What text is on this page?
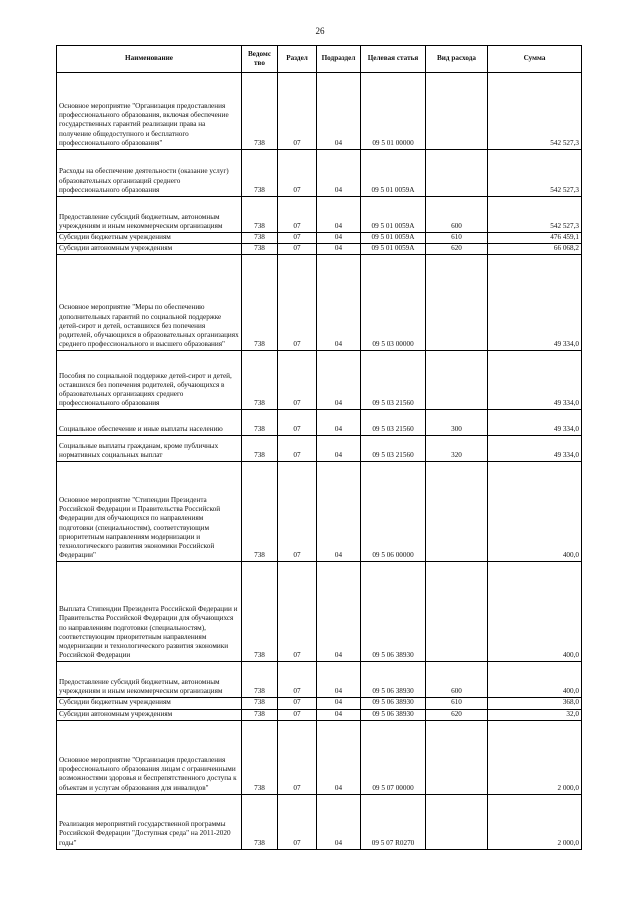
26
Наименование	Ведомс тво	Раздел	Подраздел	Целевая статья	Вид расхода	Сумма
Основное мероприятие "Организация предоставления профессионального образования, включая обеспечение государственных гарантий реализации права на получение общедоступного и бесплатного профессионального образования"	738	07	04	09 5 01 00000		542 527,3
Расходы на обеспечение деятельности (оказание услуг) образовательных организаций среднего профессионального образования	738	07	04	09 5 01 0059А		542 527,3
Предоставление субсидий бюджетным, автономным учреждениям и иным некоммерческим организациям	738	07	04	09 5 01 0059А	600	542 527,3
Субсидии бюджетным учреждениям	738	07	04	09 5 01 0059А	610	476 459,1
Субсидии автономным учреждениям	738	07	04	09 5 01 0059А	620	66 068,2
Основное мероприятие "Меры по обеспечению дополнительных гарантий по социальной поддержке детей-сирот и детей, оставшихся без попечения родителей, обучающихся в образовательных организациях среднего профессионального и высшего образования"	738	07	04	09 5 03 00000		49 334,0
Пособия по социальной поддержке детей-сирот и детей, оставшихся без попечения родителей, обучающихся в образовательных организациях среднего профессионального образования	738	07	04	09 5 03 21560		49 334,0
Социальное обеспечение и иные выплаты населению	738	07	04	09 5 03 21560	300	49 334,0
Социальные выплаты гражданам, кроме публичных нормативных социальных выплат	738	07	04	09 5 03 21560	320	49 334,0
Основное мероприятие "Стипендии Президента Российской Федерации и Правительства Российской Федерации для обучающихся по направлениям подготовки (специальностям), соответствующим приоритетным направлениям модернизации и технологического развития экономики Российской Федерации"	738	07	04	09 5 06 00000		400,0
Выплата Стипендии Президента Российской Федерации и Правительства Российской Федерации для обучающихся по направлениям подготовки (специальностям), соответствующим приоритетным направлениям модернизации и технологического развития экономики Российской Федерации	738	07	04	09 5 06 38930		400,0
Предоставление субсидий бюджетным, автономным учреждениям и иным некоммерческим организациям	738	07	04	09 5 06 38930	600	400,0
Субсидии бюджетным учреждениям	738	07	04	09 5 06 38930	610	368,0
Субсидии автономным учреждениям	738	07	04	09 5 06 38930	620	32,0
Основное мероприятие "Организация предоставления профессионального образования лицам с ограниченными возможностями здоровья и беспрепятственного доступа к объектам и услугам образования для инвалидов"	738	07	04	09 5 07 00000		2 000,0
Реализация мероприятий государственной программы Российской Федерации "Доступная среда" на 2011-2020 годы"	738	07	04	09 5 07 R0270		2 000,0
